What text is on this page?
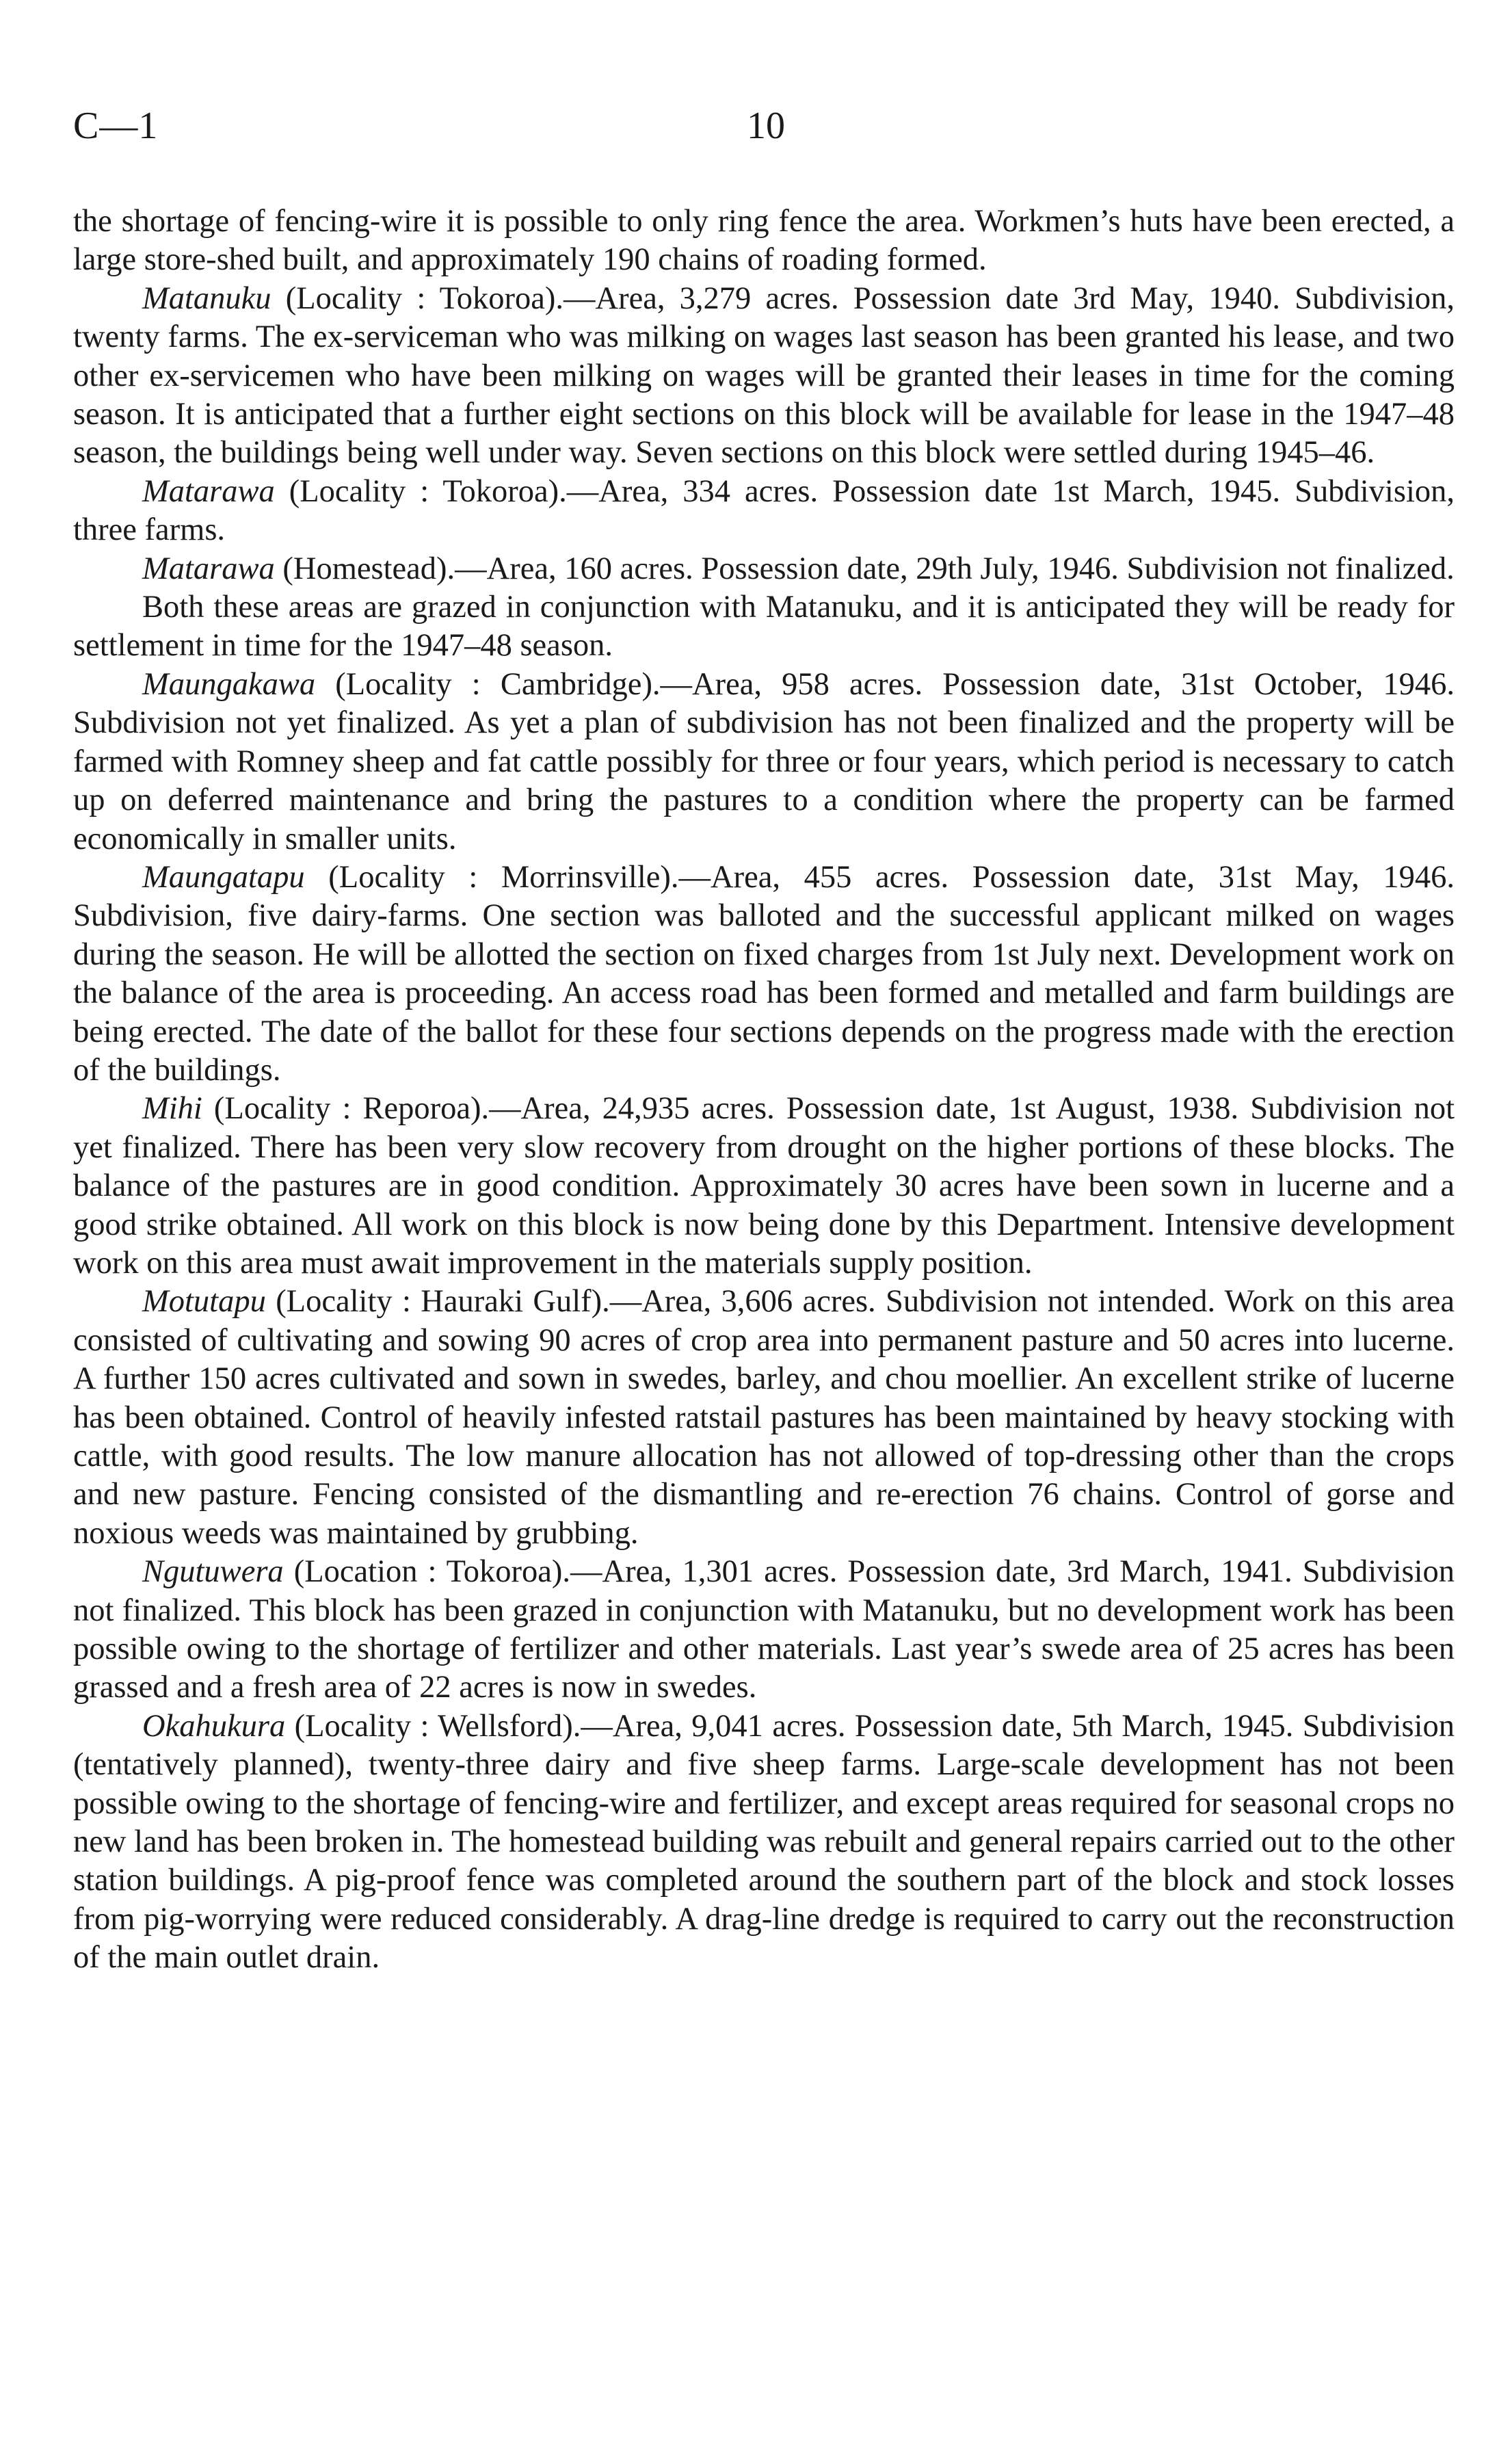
C—1	10

the shortage of fencing-wire it is possible to only ring fence the area. Workmen’s huts have been erected, a large store-shed built, and approximately 190 chains of roading formed.

Matanuku (Locality : Tokoroa).—Area, 3,279 acres. Possession date 3rd May, 1940. Subdivision, twenty farms. The ex-serviceman who was milking on wages last season has been granted his lease, and two other ex-servicemen who have been milking on wages will be granted their leases in time for the coming season. It is anticipated that a further eight sections on this block will be available for lease in the 1947–48 season, the buildings being well under way. Seven sections on this block were settled during 1945–46.

Matarawa (Locality : Tokoroa).—Area, 334 acres. Possession date 1st March, 1945. Subdivision, three farms.

Matarawa (Homestead).—Area, 160 acres. Possession date, 29th July, 1946. Subdivision not finalized.

Both these areas are grazed in conjunction with Matanuku, and it is anticipated they will be ready for settlement in time for the 1947–48 season.

Maungakawa (Locality : Cambridge).—Area, 958 acres. Possession date, 31st October, 1946. Subdivision not yet finalized. As yet a plan of subdivision has not been finalized and the property will be farmed with Romney sheep and fat cattle possibly for three or four years, which period is necessary to catch up on deferred maintenance and bring the pastures to a condition where the property can be farmed economically in smaller units.

Maungatapu (Locality : Morrinsville).—Area, 455 acres. Possession date, 31st May, 1946. Subdivision, five dairy-farms. One section was balloted and the successful applicant milked on wages during the season. He will be allotted the section on fixed charges from 1st July next. Development work on the balance of the area is proceeding. An access road has been formed and metalled and farm buildings are being erected. The date of the ballot for these four sections depends on the progress made with the erection of the buildings.

Mihi (Locality : Reporoa).—Area, 24,935 acres. Possession date, 1st August, 1938. Subdivision not yet finalized. There has been very slow recovery from drought on the higher portions of these blocks. The balance of the pastures are in good condition. Approximately 30 acres have been sown in lucerne and a good strike obtained. All work on this block is now being done by this Department. Intensive development work on this area must await improvement in the materials supply position.

Motutapu (Locality : Hauraki Gulf).—Area, 3,606 acres. Subdivision not intended. Work on this area consisted of cultivating and sowing 90 acres of crop area into permanent pasture and 50 acres into lucerne. A further 150 acres cultivated and sown in swedes, barley, and chou moellier. An excellent strike of lucerne has been obtained. Control of heavily infested ratstail pastures has been maintained by heavy stocking with cattle, with good results. The low manure allocation has not allowed of top-dressing other than the crops and new pasture. Fencing consisted of the dismantling and re-erection 76 chains. Control of gorse and noxious weeds was maintained by grubbing.

Ngutuwera (Location : Tokoroa).—Area, 1,301 acres. Possession date, 3rd March, 1941. Subdivision not finalized. This block has been grazed in conjunction with Matanuku, but no development work has been possible owing to the shortage of fertilizer and other materials. Last year’s swede area of 25 acres has been grassed and a fresh area of 22 acres is now in swedes.

Okahukura (Locality : Wellsford).—Area, 9,041 acres. Possession date, 5th March, 1945. Subdivision (tentatively planned), twenty-three dairy and five sheep farms. Large-scale development has not been possible owing to the shortage of fencing-wire and fertilizer, and except areas required for seasonal crops no new land has been broken in. The homestead building was rebuilt and general repairs carried out to the other station buildings. A pig-proof fence was completed around the southern part of the block and stock losses from pig-worrying were reduced considerably. A drag-line dredge is required to carry out the reconstruction of the main outlet drain.
